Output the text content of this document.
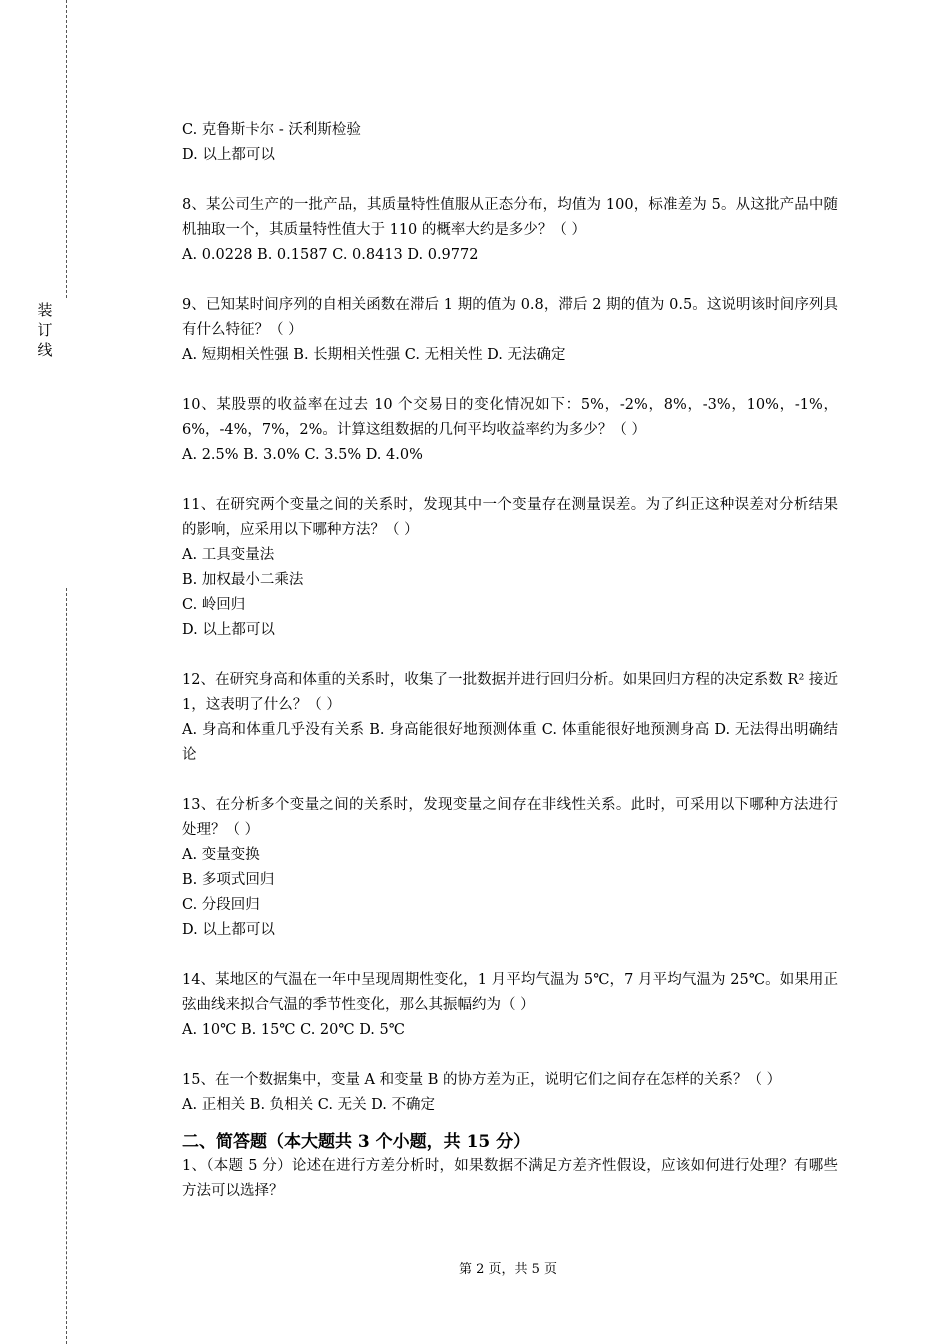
装订线

C. 克鲁斯卡尔 - 沃利斯检验

D. 以上都可以

8、某公司生产的一批产品，其质量特性值服从正态分布，均值为 100，标准差为 5。从这批产品中随机抽取一个，其质量特性值大于 110 的概率大约是多少？（ ）

A. 0.0228 B. 0.1587 C. 0.8413 D. 0.9772

9、已知某时间序列的自相关函数在滞后 1 期的值为 0.8，滞后 2 期的值为 0.5。这说明该时间序列具有什么特征？（ ）

A. 短期相关性强 B. 长期相关性强 C. 无相关性 D. 无法确定

10、某股票的收益率在过去 10 个交易日的变化情况如下：5%，-2%，8%，-3%，10%，-1%，6%，-4%，7%，2%。计算这组数据的几何平均收益率约为多少？（ ）

A. 2.5% B. 3.0% C. 3.5% D. 4.0%

11、在研究两个变量之间的关系时，发现其中一个变量存在测量误差。为了纠正这种误差对分析结果的影响，应采用以下哪种方法？（ ）

A. 工具变量法

B. 加权最小二乘法

C. 岭回归

D. 以上都可以

12、在研究身高和体重的关系时，收集了一批数据并进行回归分析。如果回归方程的决定系数 R² 接近 1，这表明了什么？（ ）

A. 身高和体重几乎没有关系 B. 身高能很好地预测体重 C. 体重能很好地预测身高 D. 无法得出明确结论

13、在分析多个变量之间的关系时，发现变量之间存在非线性关系。此时，可采用以下哪种方法进行处理？（ ）

A. 变量变换

B. 多项式回归

C. 分段回归

D. 以上都可以

14、某地区的气温在一年中呈现周期性变化，1 月平均气温为 5℃，7 月平均气温为 25℃。如果用正弦曲线来拟合气温的季节性变化，那么其振幅约为（ ）

A. 10℃ B. 15℃ C. 20℃ D. 5℃

15、在一个数据集中，变量 A 和变量 B 的协方差为正，说明它们之间存在怎样的关系？（ ）

A. 正相关 B. 负相关 C. 无关 D. 不确定

二、简答题（本大题共 3 个小题，共 15 分）

1、（本题 5 分）论述在进行方差分析时，如果数据不满足方差齐性假设，应该如何进行处理？有哪些方法可以选择？

第 2 页，共 5 页
